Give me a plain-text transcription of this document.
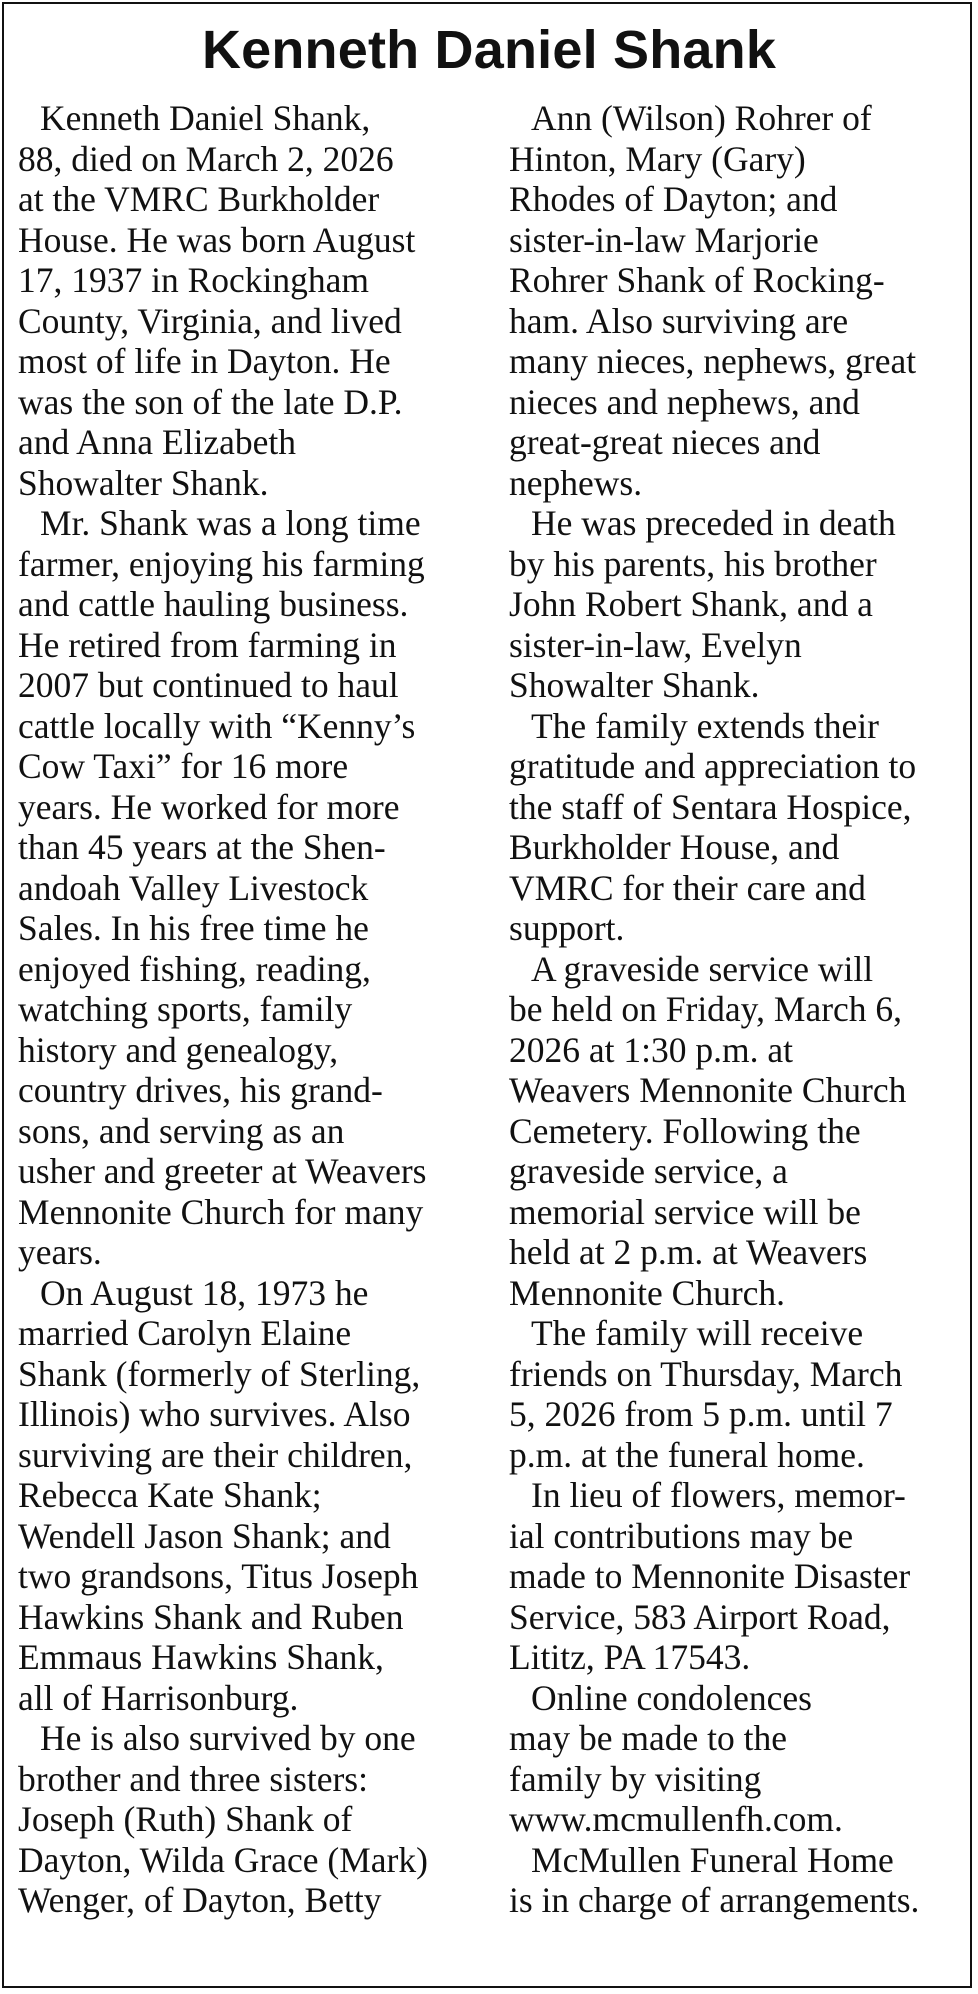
Kenneth Daniel Shank

Kenneth Daniel Shank,
88, died on March 2, 2026
at the VMRC Burkholder
House. He was born August
17, 1937 in Rockingham
County, Virginia, and lived
most of life in Dayton. He
was the son of the late D.P.
and Anna Elizabeth
Showalter Shank.

Mr. Shank was a long time
farmer, enjoying his farming
and cattle hauling business.
He retired from farming in
2007 but continued to haul
cattle locally with “Kenny’s
Cow Taxi” for 16 more
years. He worked for more
than 45 years at the Shen-
andoah Valley Livestock
Sales. In his free time he
enjoyed fishing, reading,
watching sports, family
history and genealogy,
country drives, his grand-
sons, and serving as an
usher and greeter at Weavers
Mennonite Church for many
years.

On August 18, 1973 he
married Carolyn Elaine
Shank (formerly of Sterling,
Illinois) who survives. Also
surviving are their children,
Rebecca Kate Shank;
Wendell Jason Shank; and
two grandsons, Titus Joseph
Hawkins Shank and Ruben
Emmaus Hawkins Shank,
all of Harrisonburg.

He is also survived by one
brother and three sisters:
Joseph (Ruth) Shank of
Dayton, Wilda Grace (Mark)
Wenger, of Dayton, Betty

Ann (Wilson) Rohrer of
Hinton, Mary (Gary)
Rhodes of Dayton; and
sister-in-law Marjorie
Rohrer Shank of Rocking-
ham. Also surviving are
many nieces, nephews, great
nieces and nephews, and
great-great nieces and
nephews.

He was preceded in death
by his parents, his brother
John Robert Shank, and a
sister-in-law, Evelyn
Showalter Shank.

The family extends their
gratitude and appreciation to
the staff of Sentara Hospice,
Burkholder House, and
VMRC for their care and
support.

A graveside service will
be held on Friday, March 6,
2026 at 1:30 p.m. at
Weavers Mennonite Church
Cemetery. Following the
graveside service, a
memorial service will be
held at 2 p.m. at Weavers
Mennonite Church.

The family will receive
friends on Thursday, March
5, 2026 from 5 p.m. until 7
p.m. at the funeral home.

In lieu of flowers, memor-
ial contributions may be
made to Mennonite Disaster
Service, 583 Airport Road,
Lititz, PA 17543.

Online condolences
may be made to the
family by visiting
www.mcmullenfh.com.

McMullen Funeral Home
is in charge of arrangements.
